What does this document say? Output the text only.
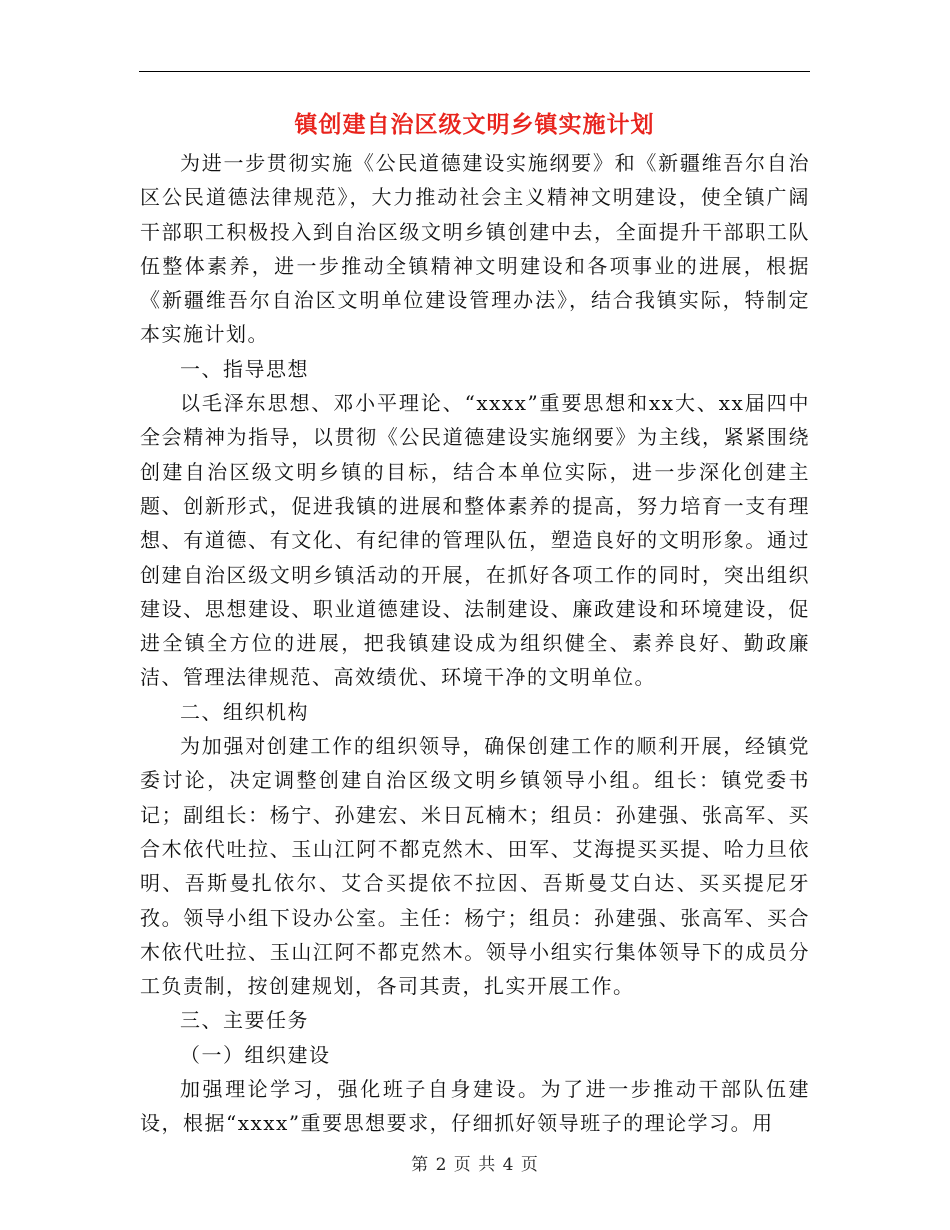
镇创建自治区级文明乡镇实施计划

为进一步贯彻实施《公民道德建设实施纲要》和《新疆维吾尔自治区公民道德法律规范》，大力推动社会主义精神文明建设，使全镇广阔干部职工积极投入到自治区级文明乡镇创建中去，全面提升干部职工队伍整体素养，进一步推动全镇精神文明建设和各项事业的进展，根据《新疆维吾尔自治区文明单位建设管理办法》，结合我镇实际，特制定本实施计划。

一、指导思想

以毛泽东思想、邓小平理论、“xxxx”重要思想和xx大、xx届四中全会精神为指导，以贯彻《公民道德建设实施纲要》为主线，紧紧围绕创建自治区级文明乡镇的目标，结合本单位实际，进一步深化创建主题、创新形式，促进我镇的进展和整体素养的提高，努力培育一支有理想、有道德、有文化、有纪律的管理队伍，塑造良好的文明形象。通过创建自治区级文明乡镇活动的开展，在抓好各项工作的同时，突出组织建设、思想建设、职业道德建设、法制建设、廉政建设和环境建设，促进全镇全方位的进展，把我镇建设成为组织健全、素养良好、勤政廉洁、管理法律规范、高效绩优、环境干净的文明单位。

二、组织机构

为加强对创建工作的组织领导，确保创建工作的顺利开展，经镇党委讨论，决定调整创建自治区级文明乡镇领导小组。组长：镇党委书记；副组长：杨宁、孙建宏、米日瓦楠木；组员：孙建强、张高军、买合木依代吐拉、玉山江阿不都克然木、田军、艾海提买买提、哈力旦依明、吾斯曼扎依尔、艾合买提依不拉因、吾斯曼艾白达、买买提尼牙孜。领导小组下设办公室。主任：杨宁；组员：孙建强、张高军、买合木依代吐拉、玉山江阿不都克然木。领导小组实行集体领导下的成员分工负责制，按创建规划，各司其责，扎实开展工作。

三、主要任务

（一）组织建设

加强理论学习，强化班子自身建设。为了进一步推动干部队伍建设，根据“xxxx”重要思想要求，仔细抓好领导班子的理论学习。用

第 2 页 共 4 页
